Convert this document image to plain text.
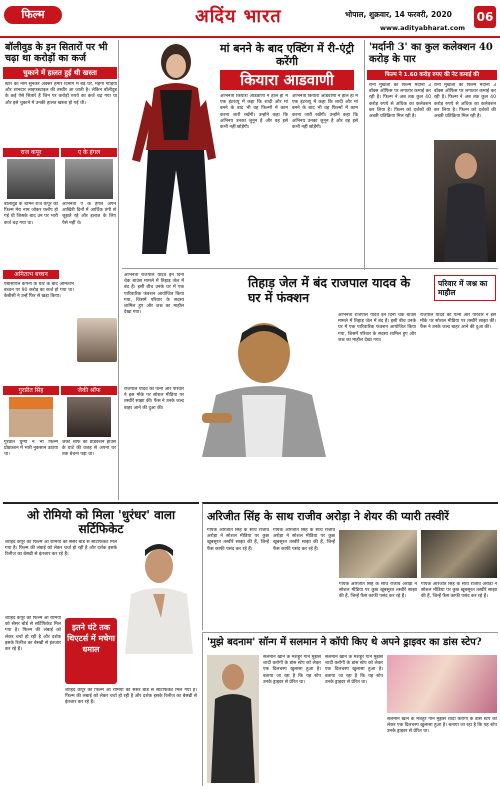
फिल्म	अदिंय भारत	भोपाल, शुक्रवार, 14 फरवरी, 2020
www.adityabharat.com
06
बॉलीवुड के इन सितारों पर भी चढ़ा था करोड़ों का कर्ज
चुकाने में हालत हुई थी खस्ता
स्टार का नाम सुनकर अक्सर हमारे दिमाग में बड़े घर, महंगी गाड़ियां और शानदार लाइफस्टाइल की तस्वीर आ जाती है। लेकिन बॉलीवुड के कई ऐसे सितारे हैं जिन पर करोड़ों रुपये का कर्ज चढ़ गया था और इसे चुकाने में उनकी हालत खस्ता हो गई थी।
राज कपूर
बॉलीवुड के शोमैन राज कपूर की फिल्म मेरा नाम जोकर फ्लॉप हो गई थी जिसके बाद उन पर भारी कर्ज चढ़ गया था।
ए के हंगल
अभिनेता ए के हंगल अपने आखिरी दिनों में आर्थिक तंगी से जूझते रहे और इलाज के लिए पैसे नहीं थे।
अमिताभ बच्चन
एबीसीएल कंपनी के घाटे के बाद अमिताभ बच्चन पर 90 करोड़ का कर्ज हो गया था। केबीसी ने उन्हें फिर से खड़ा किया।
गुरप्रीत सिंह
गुरप्रीत घुग्गी ने भी फिल्म प्रोडक्शन में भारी नुकसान उठाया था।
जैकी श्रॉफ
जैकी श्रॉफ को प्रोडक्शन हाउस के घाटे की वजह से अपना घर तक बेचना पड़ा था।
मां बनने के बाद एक्टिंग में री-एंट्री करेंगी
कियारा आडवाणी
अभिनेत्री कियारा आडवाणी ने हाल ही में एक इंटरव्यू में कहा कि शादी और मां बनने के बाद भी वह फिल्मों में काम करना जारी रखेंगी। उन्होंने कहा कि अभिनय उनका जुनून है और वह इसे कभी नहीं छोड़ेंगी।
अभिनेत्री कियारा आडवाणी ने हाल ही में एक इंटरव्यू में कहा कि शादी और मां बनने के बाद भी वह फिल्मों में काम करना जारी रखेंगी। उन्होंने कहा कि अभिनय उनका जुनून है और वह इसे कभी नहीं छोड़ेंगी।
'मर्दानी 3' का कुल कलेक्शन 40 करोड़ के पार
फिल्म ने 1.60 करोड़ रुपए की नेट कमाई की
रानी मुखर्जी की फिल्म मर्दानी 3 बॉक्स ऑफिस पर लगातार कमाई कर रही है। फिल्म ने अब तक कुल 40 करोड़ रुपये से अधिक का कलेक्शन कर लिया है। फिल्म को दर्शकों की अच्छी प्रतिक्रिया मिल रही है।
रानी मुखर्जी की फिल्म मर्दानी 3 बॉक्स ऑफिस पर लगातार कमाई कर रही है। फिल्म ने अब तक कुल 40 करोड़ रुपये से अधिक का कलेक्शन कर लिया है। फिल्म को दर्शकों की अच्छी प्रतिक्रिया मिल रही है।
तिहाड़ जेल में बंद राजपाल यादव के घर में फंक्शन
परिवार में जश्न का माहौल
अभिनेता राजपाल यादव इन दिनों चेक बाउंस मामले में तिहाड़ जेल में बंद हैं। इसी बीच उनके घर में एक पारिवारिक फंक्शन आयोजित किया गया, जिसमें परिवार के सदस्य शामिल हुए और जश्न का माहौल देखा गया।
राजपाल यादव की पत्नी और परिवार ने इस मौके पर सोशल मीडिया पर तस्वीरें साझा कीं। फैंस ने उनके जल्द बाहर आने की दुआ की।
अभिनेता राजपाल यादव इन दिनों चेक बाउंस मामले में तिहाड़ जेल में बंद हैं। इसी बीच उनके घर में एक पारिवारिक फंक्शन आयोजित किया गया, जिसमें परिवार के सदस्य शामिल हुए और जश्न का माहौल देखा गया।
राजपाल यादव की पत्नी और परिवार ने इस मौके पर सोशल मीडिया पर तस्वीरें साझा कीं। फैंस ने उनके जल्द बाहर आने की दुआ की।
ओ रोमियो को मिला 'धुरंधर' वाला सर्टिफिकेट
शाहिद कपूर की फिल्म ओ रोमियो को सेंसर बोर्ड से सर्टिफिकेट मिल गया है। फिल्म की लंबाई को लेकर चर्चा हो रही है और दर्शक इसके रिलीज का बेसब्री से इंतजार कर रहे हैं।
शाहिद कपूर की फिल्म ओ रोमियो को सेंसर बोर्ड से सर्टिफिकेट मिल गया है। फिल्म की लंबाई को लेकर चर्चा हो रही है और दर्शक इसके रिलीज का बेसब्री से इंतजार कर रहे हैं।
इतने घंटे तक थिएटर्स में मचेगा धमाल
शाहिद कपूर की फिल्म ओ रोमियो को सेंसर बोर्ड से सर्टिफिकेट मिल गया है। फिल्म की लंबाई को लेकर चर्चा हो रही है और दर्शक इसके रिलीज का बेसब्री से इंतजार कर रहे हैं।
अरिजीत सिंह के साथ राजीव अरोड़ा ने शेयर की प्यारी तस्वीरें
गायक अरिजीत सिंह के साथ राजीव अरोड़ा ने सोशल मीडिया पर कुछ खूबसूरत तस्वीरें साझा की हैं, जिन्हें फैंस काफी पसंद कर रहे हैं।
गायक अरिजीत सिंह के साथ राजीव अरोड़ा ने सोशल मीडिया पर कुछ खूबसूरत तस्वीरें साझा की हैं, जिन्हें फैंस काफी पसंद कर रहे हैं।
गायक अरिजीत सिंह के साथ राजीव अरोड़ा ने सोशल मीडिया पर कुछ खूबसूरत तस्वीरें साझा की हैं, जिन्हें फैंस काफी पसंद कर रहे हैं।
गायक अरिजीत सिंह के साथ राजीव अरोड़ा ने सोशल मीडिया पर कुछ खूबसूरत तस्वीरें साझा की हैं, जिन्हें फैंस काफी पसंद कर रहे हैं।
'मुझे बदनाम' सॉन्ग में सलमान ने कॉपी किए थे अपने ड्राइवर का डांस स्टेप?
सलमान खान के मशहूर गाने मुझसे शादी करोगी के डांस स्टेप को लेकर एक दिलचस्प खुलासा हुआ है। बताया जा रहा है कि यह स्टेप उनके ड्राइवर से प्रेरित था।
सलमान खान के मशहूर गाने मुझसे शादी करोगी के डांस स्टेप को लेकर एक दिलचस्प खुलासा हुआ है। बताया जा रहा है कि यह स्टेप उनके ड्राइवर से प्रेरित था।
सलमान खान के मशहूर गाने मुझसे शादी करोगी के डांस स्टेप को लेकर एक दिलचस्प खुलासा हुआ है। बताया जा रहा है कि यह स्टेप उनके ड्राइवर से प्रेरित था।
